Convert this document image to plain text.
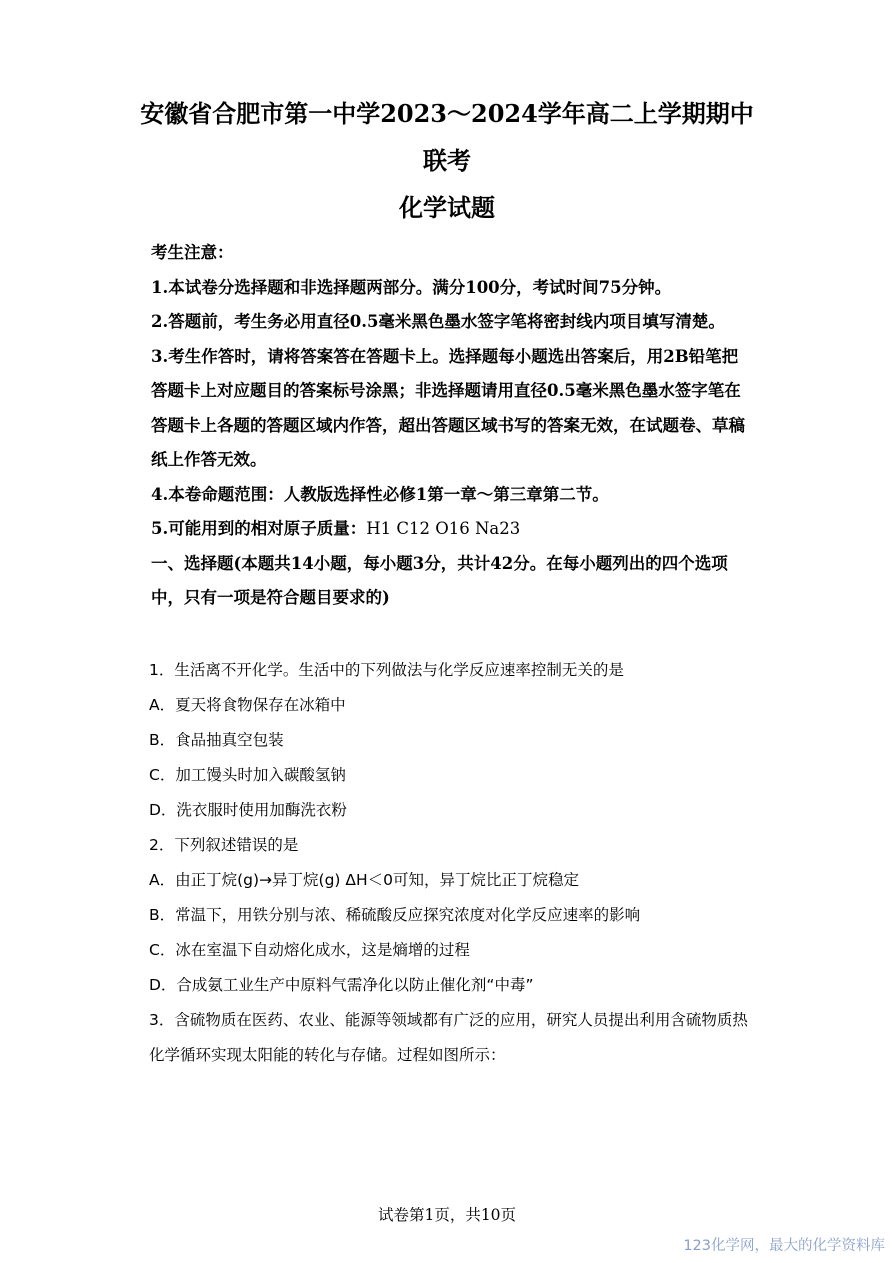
安徽省合肥市第一中学2023～2024学年高二上学期期中
联考
化学试题

考生注意：

1.本试卷分选择题和非选择题两部分。满分100分，考试时间75分钟。

2.答题前，考生务必用直径0.5毫米黑色墨水签字笔将密封线内项目填写清楚。

3.考生作答时，请将答案答在答题卡上。选择题每小题选出答案后，用2B铅笔把答题卡上对应题目的答案标号涂黑；非选择题请用直径0.5毫米黑色墨水签字笔在答题卡上各题的答题区域内作答，超出答题区域书写的答案无效，在试题卷、草稿纸上作答无效。

4.本卷命题范围：人教版选择性必修1第一章～第三章第二节。

5.可能用到的相对原子质量：H1 C12 O16 Na23

一、选择题(本题共14小题，每小题3分，共计42分。在每小题列出的四个选项中，只有一项是符合题目要求的)

1．生活离不开化学。生活中的下列做法与化学反应速率控制无关的是

A．夏天将食物保存在冰箱中

B．食品抽真空包装

C．加工馒头时加入碳酸氢钠

D．洗衣服时使用加酶洗衣粉

2．下列叙述错误的是

A．由正丁烷(g)→异丁烷(g) ΔH＜0可知，异丁烷比正丁烷稳定

B．常温下，用铁分别与浓、稀硫酸反应探究浓度对化学反应速率的影响

C．冰在室温下自动熔化成水，这是熵增的过程

D．合成氨工业生产中原料气需净化以防止催化剂“中毒”

3．含硫物质在医药、农业、能源等领域都有广泛的应用，研究人员提出利用含硫物质热化学循环实现太阳能的转化与存储。过程如图所示：

试卷第1页，共10页
123化学网，最大的化学资料库
